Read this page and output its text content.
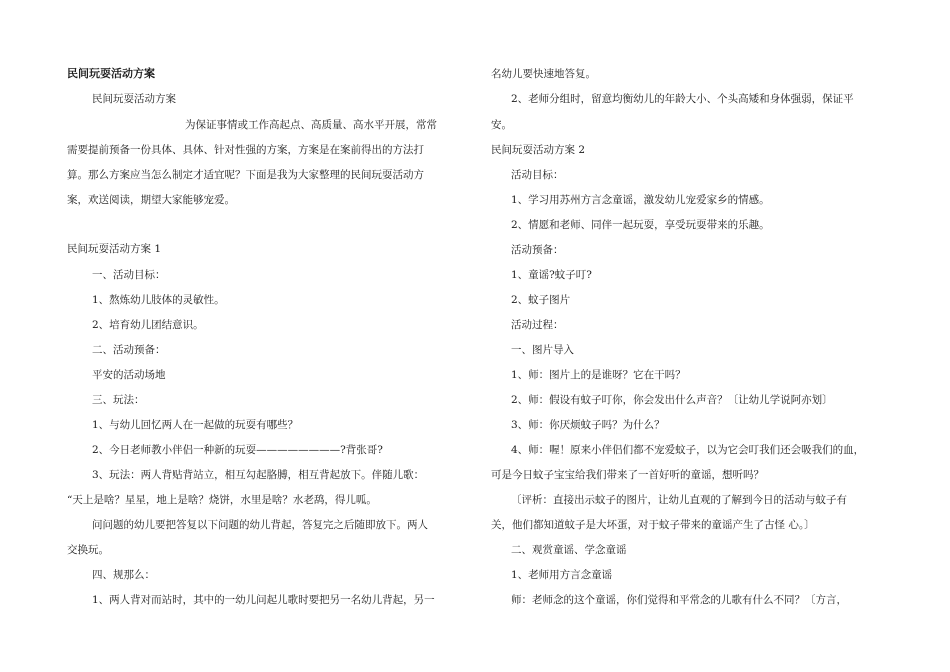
民间玩耍活动方案
民间玩耍活动方案
为保证事情或工作高起点、高质量、高水平开展，常常
需要提前预备一份具体、具体、针对性强的方案，方案是在案前得出的方法打
算。那么方案应当怎么制定才适宜呢？下面是我为大家整理的民间玩耍活动方
案，欢送阅读，期望大家能够宠爱。
民间玩耍活动方案 1
一、活动目标：
1、熬炼幼儿肢体的灵敏性。
2、培育幼儿团结意识。
二、活动预备：
平安的活动场地
三、玩法：
1、与幼儿回忆两人在一起做的玩耍有哪些？
2、今日老师教小伴侣一种新的玩耍————————?背张哥?
3、玩法：两人背贴背站立，相互勾起胳膊，相互背起放下。伴随儿歌：
“天上是啥？星星，地上是啥？烧饼，水里是啥？水老鸹，得儿呱。
问问题的幼儿要把答复以下问题的幼儿背起，答复完之后随即放下。两人
交换玩。
四、规那么：
1、两人背对而站时，其中的一幼儿问起儿歌时要把另一名幼儿背起，另一
名幼儿要快速地答复。
2、老师分组时，留意均衡幼儿的年龄大小、个头高矮和身体强弱，保证平
安。
民间玩耍活动方案 2
活动目标：
1、学习用苏州方言念童谣，激发幼儿宠爱家乡的情感。
2、情愿和老师、同伴一起玩耍，享受玩耍带来的乐趣。
活动预备：
1、童谣?蚊子叮?
2、蚊子图片
活动过程：
一、图片导入
1、师：图片上的是谁呀？它在干吗？
2、师：假设有蚊子叮你，你会发出什么声音？〔让幼儿学说阿亦划〕
3、师：你厌烦蚊子吗？为什么？
4、师：喔！原来小伴侣们都不宠爱蚊子，以为它会叮我们还会吸我们的血，
可是今日蚊子宝宝给我们带来了一首好听的童谣，想听吗？
〔评析：直接出示蚊子的图片，让幼儿直观的了解到今日的活动与蚊子有
关，他们都知道蚊子是大坏蛋，对于蚊子带来的童谣产生了古怪 心。〕
二、观赏童谣、学念童谣
1、老师用方言念童谣
师：老师念的这个童谣，你们觉得和平常念的儿歌有什么不同？〔方言，
